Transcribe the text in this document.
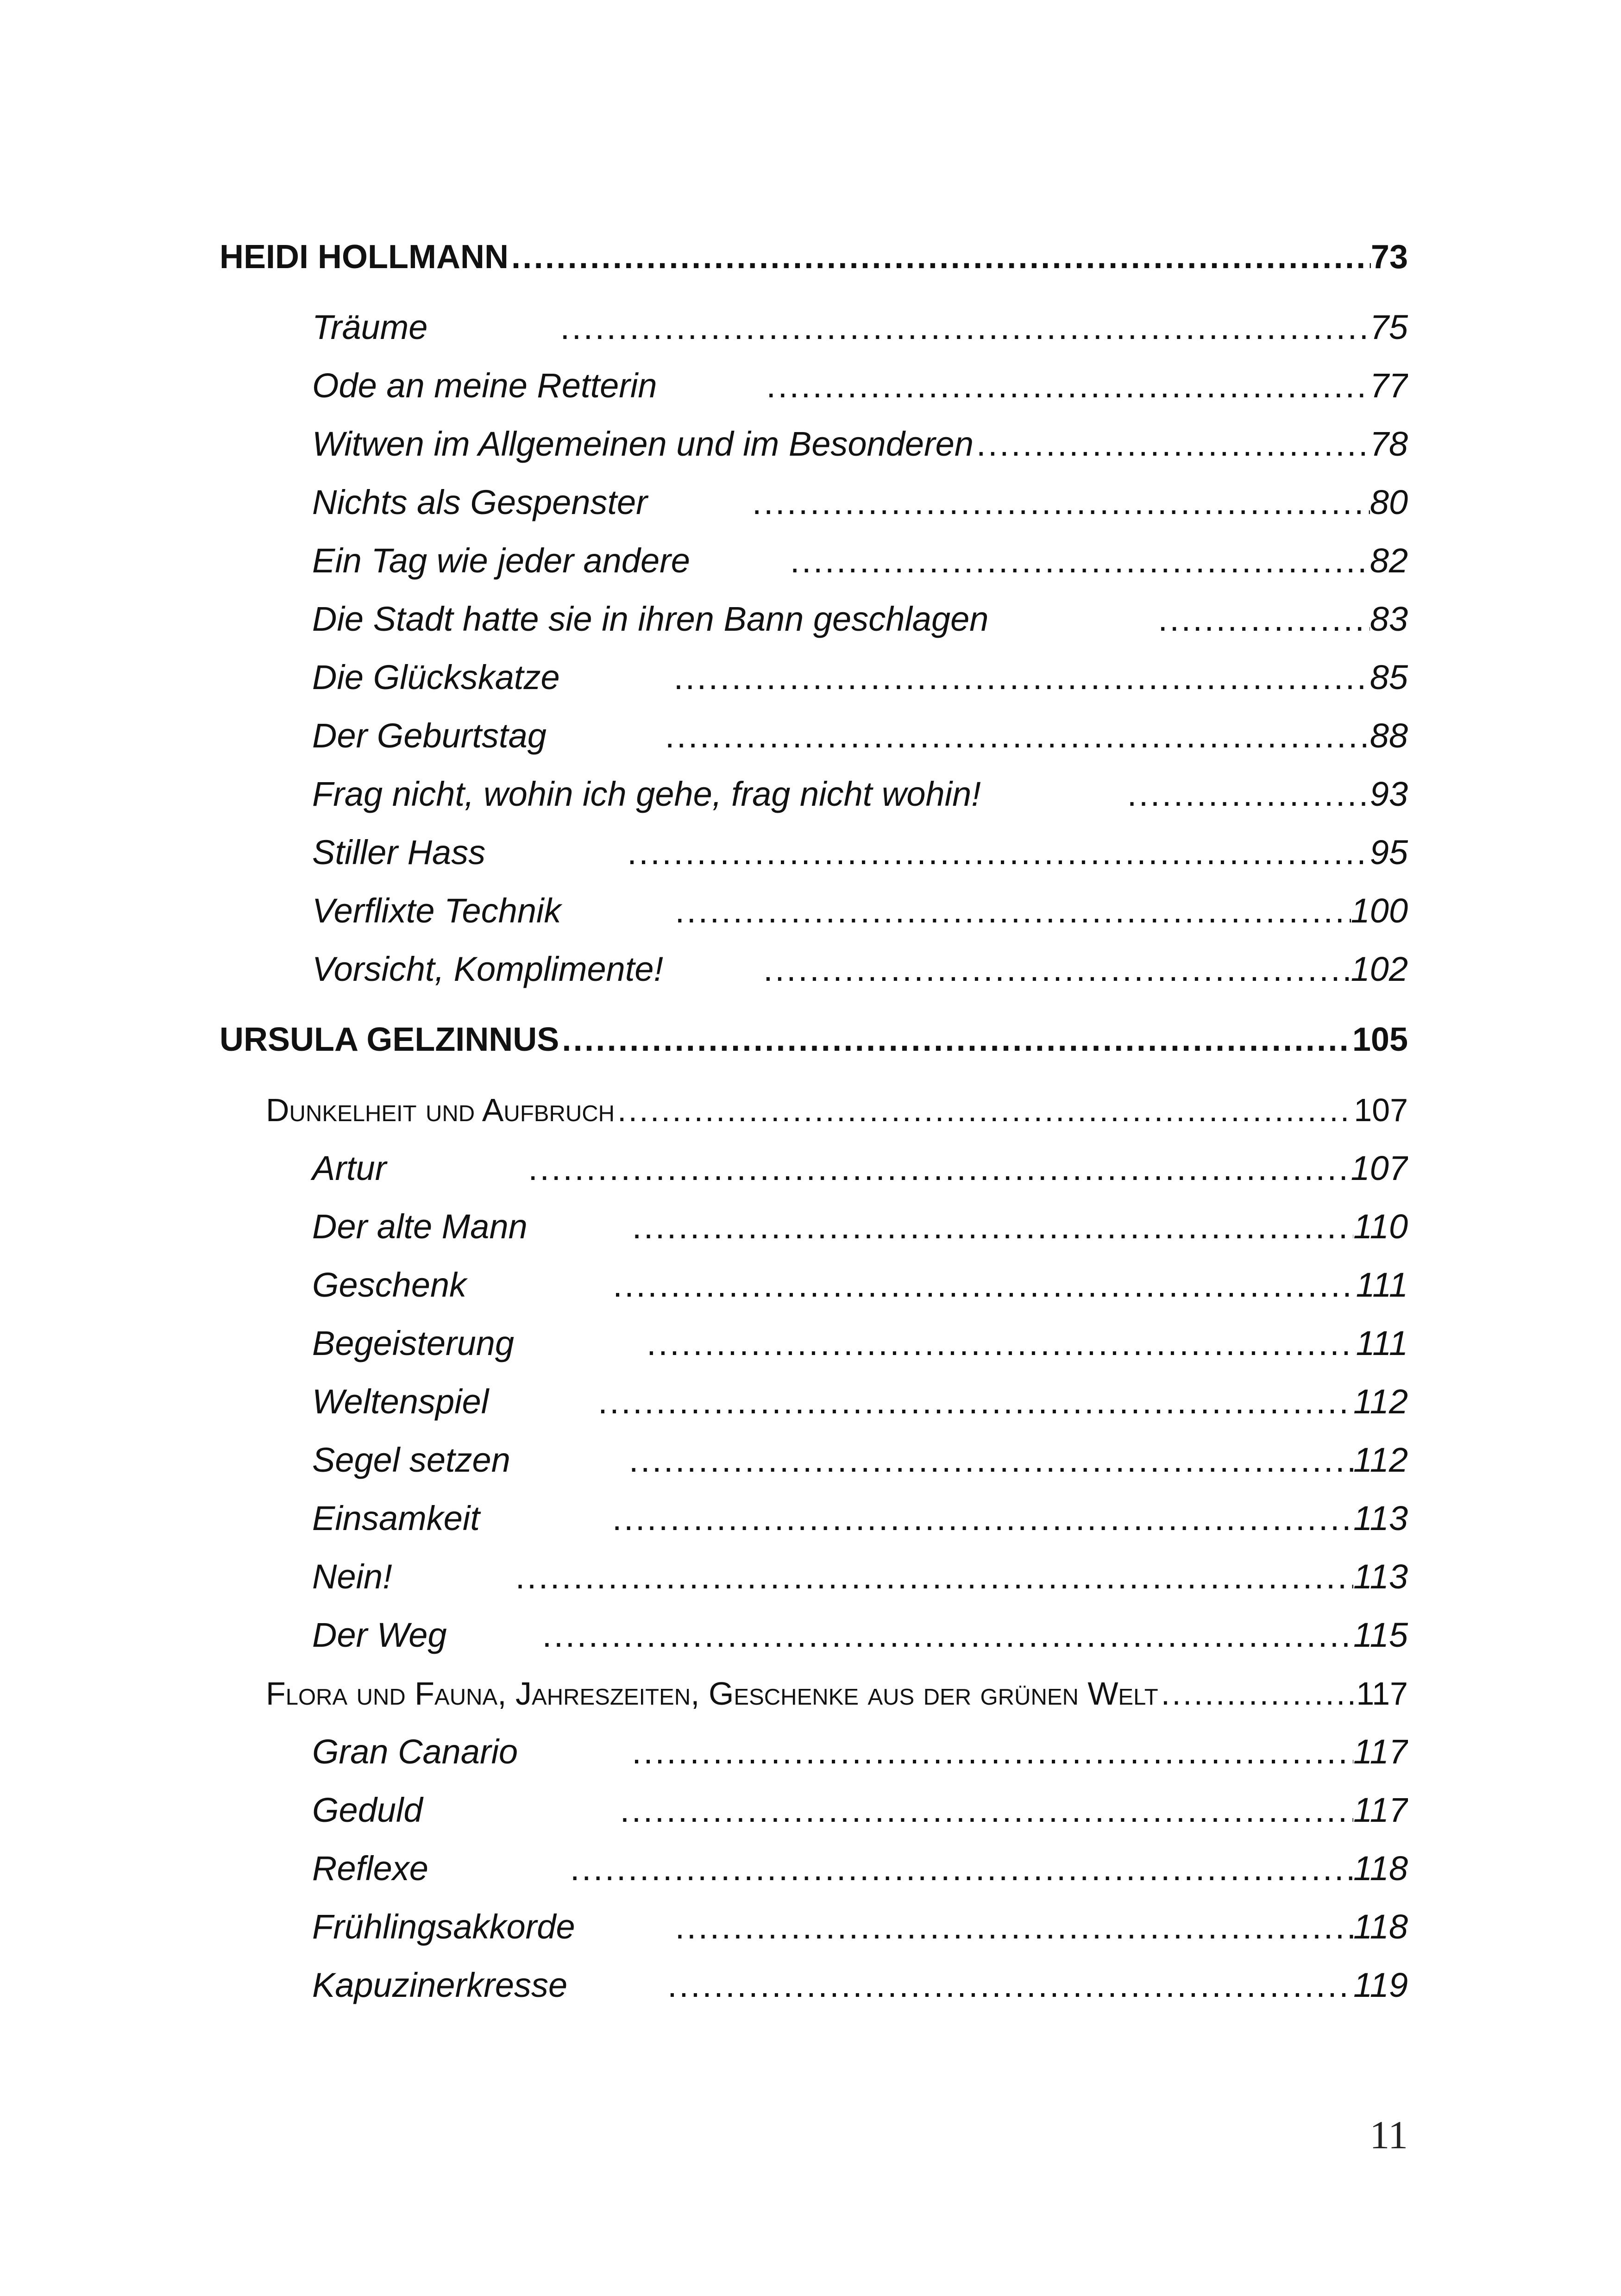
HEIDI HOLLMANN .....	73
Träume .....	75
Ode an meine Retterin .....	77
Witwen im Allgemeinen und im Besonderen .....	78
Nichts als Gespenster .....	80
Ein Tag wie jeder andere .....	82
Die Stadt hatte sie in ihren Bann geschlagen .....	83
Die Glückskatze .....	85
Der Geburtstag .....	88
Frag nicht, wohin ich gehe, frag nicht wohin! .....	93
Stiller Hass .....	95
Verflixte Technik .....	100
Vorsicht, Komplimente! .....	102
URSULA GELZINNUS .....	105
Dunkelheit und Aufbruch .....	107
Artur .....	107
Der alte Mann .....	110
Geschenk .....	111
Begeisterung .....	111
Weltenspiel .....	112
Segel setzen .....	112
Einsamkeit .....	113
Nein! .....	113
Der Weg .....	115
Flora und Fauna, Jahreszeiten, Geschenke aus der grünen Welt .....	117
Gran Canario .....	117
Geduld .....	117
Reflexe .....	118
Frühlingsakkorde .....	118
Kapuzinerkresse .....	119
11
